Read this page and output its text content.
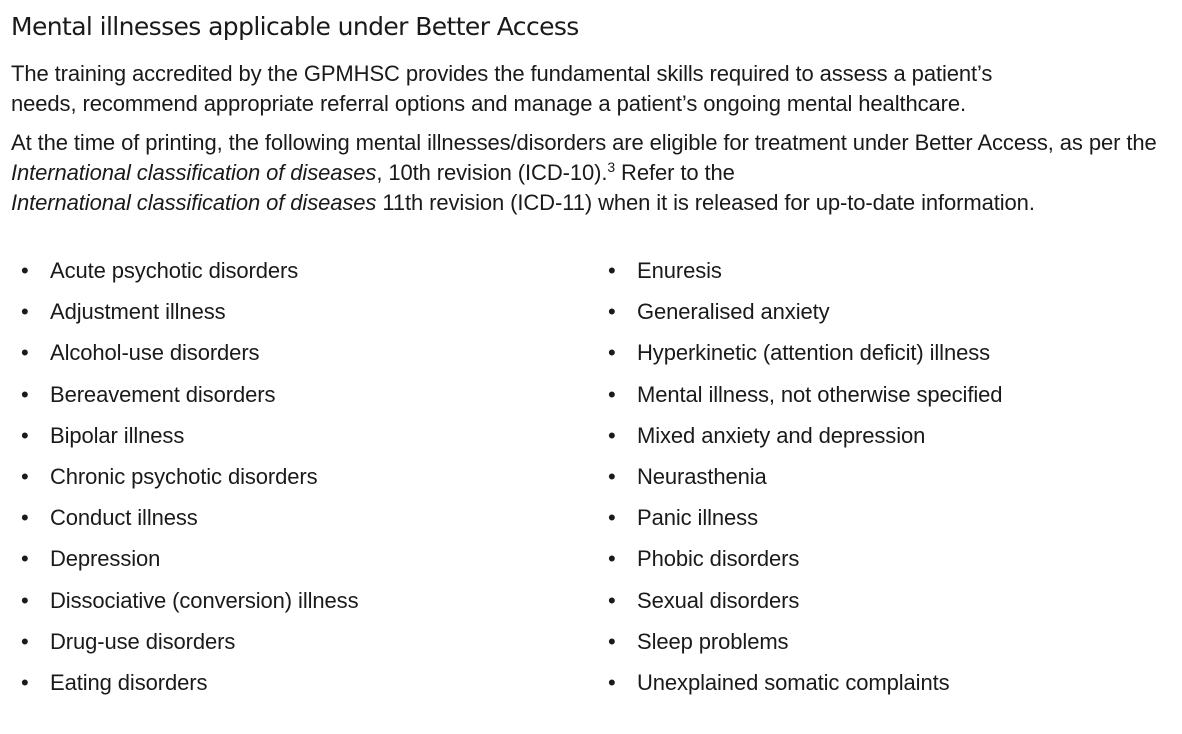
Mental illnesses applicable under Better Access

The training accredited by the GPMHSC provides the fundamental skills required to assess a patient’s
needs, recommend appropriate referral options and manage a patient’s ongoing mental healthcare.

At the time of printing, the following mental illnesses/disorders are eligible for treatment under Better Access, as per the International classification of diseases, 10th revision (ICD-10).$^3$ Refer to the
International classification of diseases 11th revision (ICD-11) when it is released for up-to-date information.

• Acute psychotic disorders
• Adjustment illness
• Alcohol-use disorders
• Bereavement disorders
• Bipolar illness
• Chronic psychotic disorders
• Conduct illness
• Depression
• Dissociative (conversion) illness
• Drug-use disorders
• Eating disorders
• Enuresis
• Generalised anxiety
• Hyperkinetic (attention deficit) illness
• Mental illness, not otherwise specified
• Mixed anxiety and depression
• Neurasthenia
• Panic illness
• Phobic disorders
• Sexual disorders
• Sleep problems
• Unexplained somatic complaints
